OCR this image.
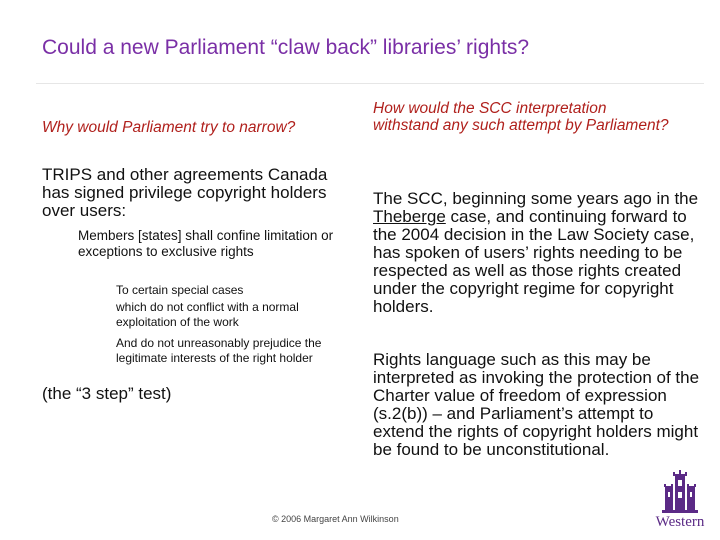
Could a new Parliament “claw back” libraries’ rights?
Why would Parliament try to narrow?
TRIPS and other agreements Canada has signed privilege copyright holders over users:
Members [states] shall confine limitation or exceptions to exclusive rights
To certain special cases
which do not conflict with a normal exploitation of the work
And do not unreasonably prejudice the legitimate interests of the right holder
(the “3 step” test)
How would the SCC interpretation withstand any such attempt by Parliament?
The SCC, beginning some years ago in the Theberge case, and continuing forward to the 2004 decision in the Law Society case, has spoken of users’ rights needing to be respected as well as those rights created under the copyright regime for copyright holders.
Rights language such as this may be interpreted as invoking the protection of the Charter value of freedom of expression (s.2(b)) – and Parliament’s attempt to extend the rights of copyright holders might be found to be unconstitutional.
© 2006 Margaret Ann Wilkinson	Western
